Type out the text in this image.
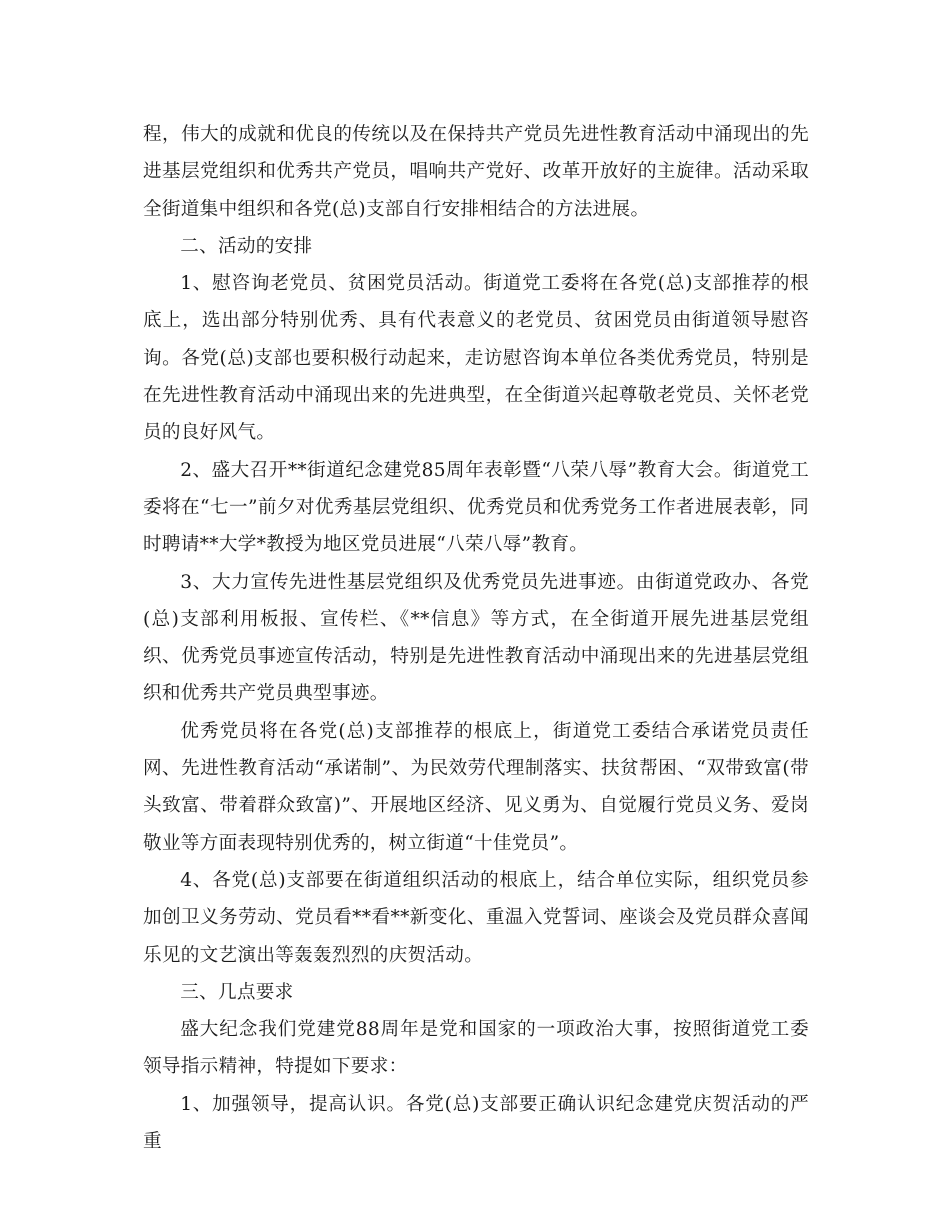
程，伟大的成就和优良的传统以及在保持共产党员先进性教育活动中涌现出的先进基层党组织和优秀共产党员，唱响共产党好、改革开放好的主旋律。活动采取全街道集中组织和各党(总)支部自行安排相结合的方法进展。

二、活动的安排

1、慰咨询老党员、贫困党员活动。街道党工委将在各党(总)支部推荐的根底上，选出部分特别优秀、具有代表意义的老党员、贫困党员由街道领导慰咨询。各党(总)支部也要积极行动起来，走访慰咨询本单位各类优秀党员，特别是在先进性教育活动中涌现出来的先进典型，在全街道兴起尊敬老党员、关怀老党员的良好风气。

2、盛大召开**街道纪念建党85周年表彰暨“八荣八辱”教育大会。街道党工委将在“七一”前夕对优秀基层党组织、优秀党员和优秀党务工作者进展表彰，同时聘请**大学*教授为地区党员进展“八荣八辱”教育。

3、大力宣传先进性基层党组织及优秀党员先进事迹。由街道党政办、各党(总)支部利用板报、宣传栏、《**信息》等方式，在全街道开展先进基层党组织、优秀党员事迹宣传活动，特别是先进性教育活动中涌现出来的先进基层党组织和优秀共产党员典型事迹。

优秀党员将在各党(总)支部推荐的根底上，街道党工委结合承诺党员责任网、先进性教育活动“承诺制”、为民效劳代理制落实、扶贫帮困、“双带致富(带头致富、带着群众致富)”、开展地区经济、见义勇为、自觉履行党员义务、爱岗敬业等方面表现特别优秀的，树立街道“十佳党员”。

4、各党(总)支部要在街道组织活动的根底上，结合单位实际，组织党员参加创卫义务劳动、党员看**看**新变化、重温入党誓词、座谈会及党员群众喜闻乐见的文艺演出等轰轰烈烈的庆贺活动。

三、几点要求

盛大纪念我们党建党88周年是党和国家的一项政治大事，按照街道党工委领导指示精神，特提如下要求：

1、加强领导，提高认识。各党(总)支部要正确认识纪念建党庆贺活动的严重
